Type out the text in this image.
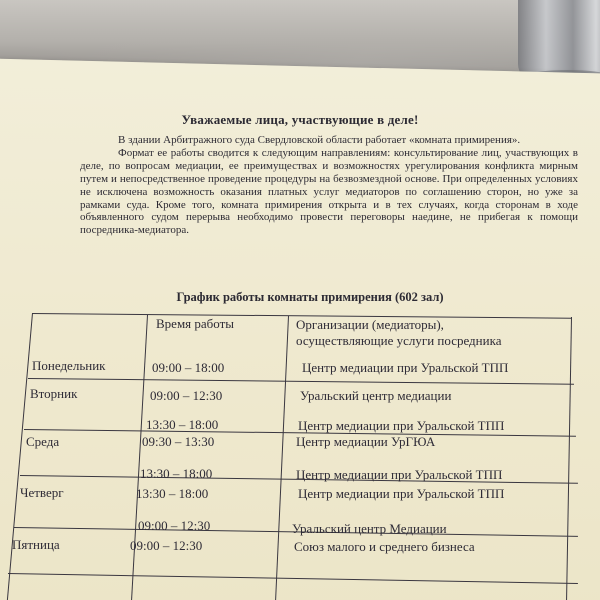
Уважаемые лица, участвующие в деле!

В здании Арбитражного суда Свердловской области работает «комната примирения».

Формат ее работы сводится к следующим направлениям: консультирование лиц, участвующих в деле, по вопросам медиации, ее преимуществах и возможностях урегулирования конфликта мирным путем и непосредственное проведение процедуры на безвозмездной основе. При определенных условиях не исключена возможность оказания платных услуг медиаторов по соглашению сторон, но уже за рамками суда. Кроме того, комната примирения открыта и в тех случаях, когда сторонам в ходе объявленного судом перерыва необходимо провести переговоры наедине, не прибегая к помощи посредника-медиатора.

График работы комнаты примирения (602 зал)
Время работы	Организации (медиаторы),
осуществляющие услуги посредника
Понедельник	09:00 – 18:00	Центр медиации при Уральской ТПП
Вторник	09:00 – 12:30	Уральский центр медиации
13:30 – 18:00	Центр медиации при Уральской ТПП
Среда	09:30 – 13:30	Центр медиации УрГЮА
13:30 – 18:00	Центр медиации при Уральской ТПП
Четверг	13:30 – 18:00	Центр медиации при Уральской ТПП
09:00 – 12:30	Уральский центр Медиации
Пятница	09:00 – 12:30	Союз малого и среднего бизнеса
